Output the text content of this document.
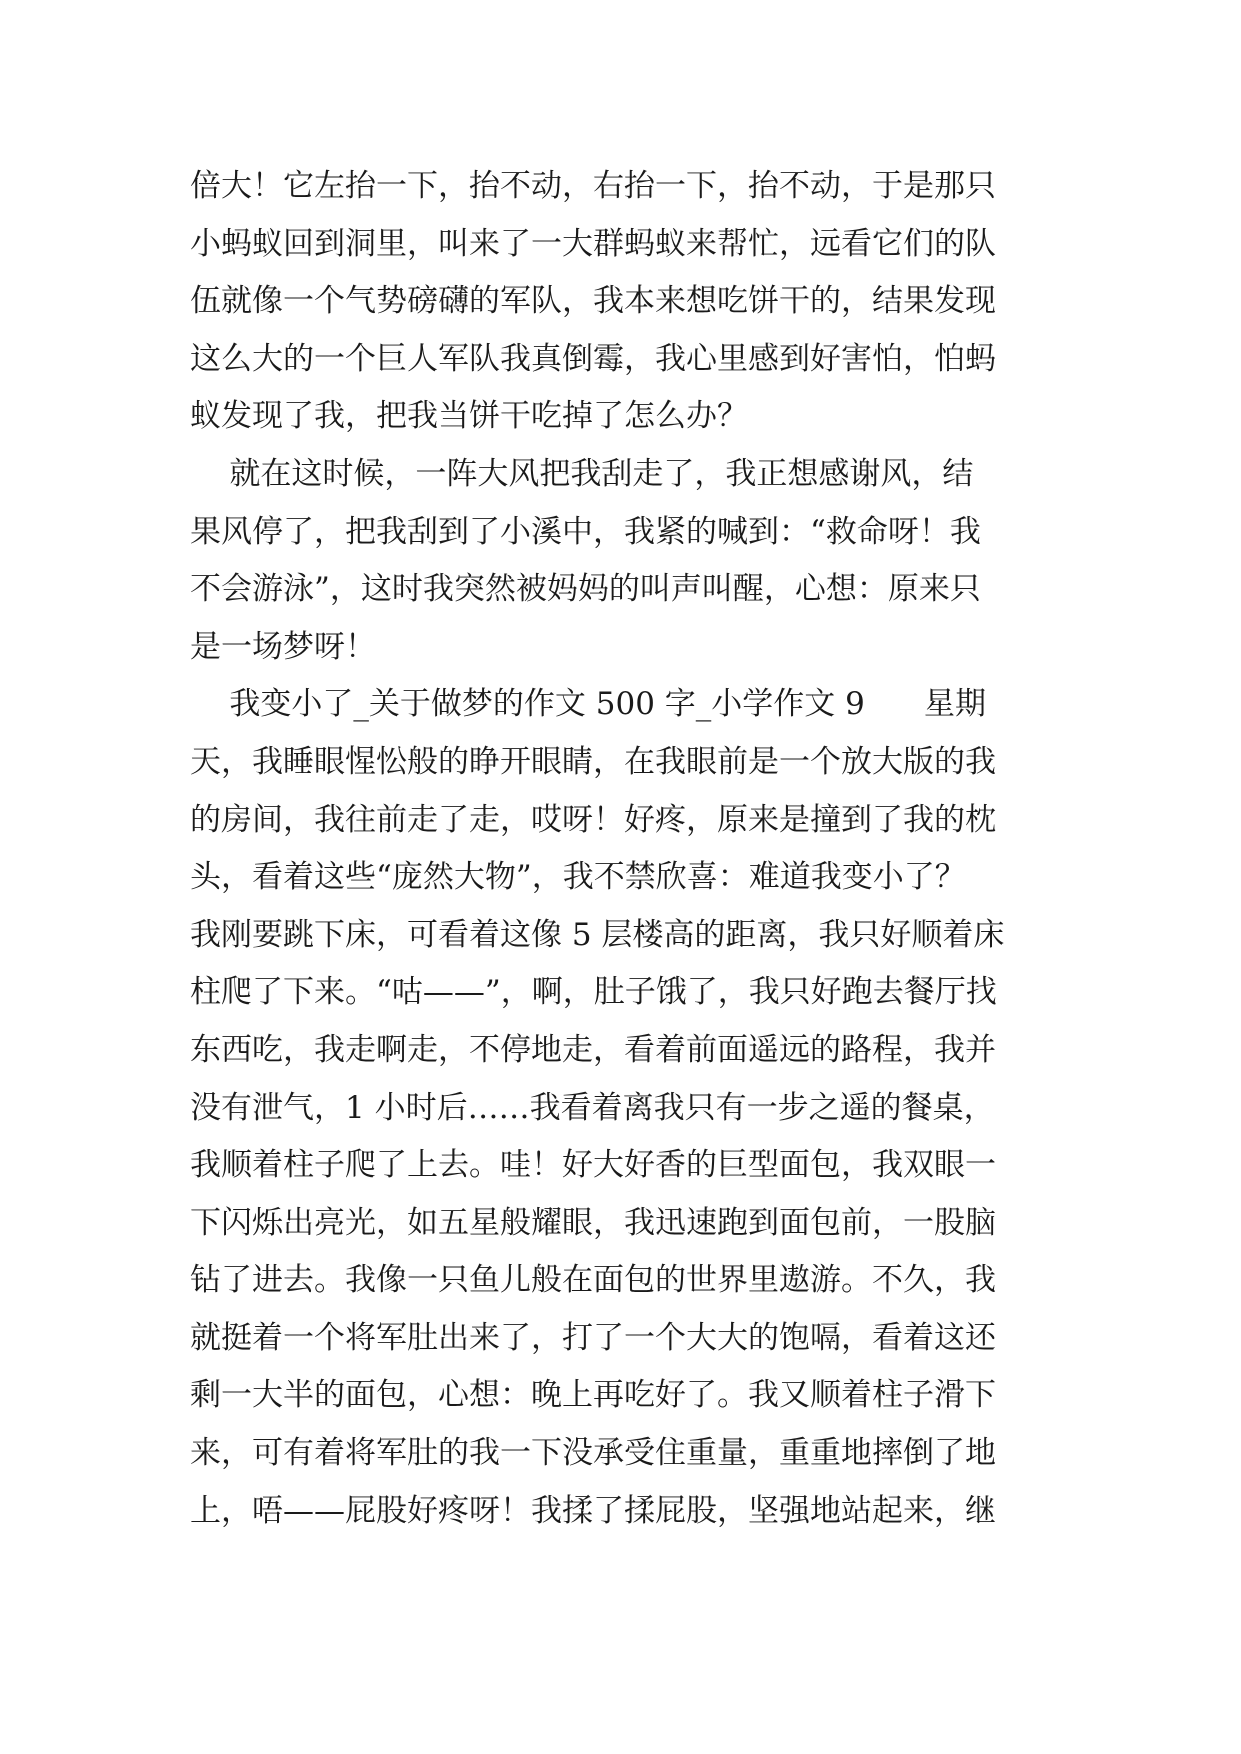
倍大！它左抬一下，抬不动，右抬一下，抬不动，于是那只
小蚂蚁回到洞里，叫来了一大群蚂蚁来帮忙，远看它们的队
伍就像一个气势磅礴的军队，我本来想吃饼干的，结果发现
这么大的一个巨人军队我真倒霉，我心里感到好害怕，怕蚂
蚁发现了我，把我当饼干吃掉了怎么办？
就在这时候，一阵大风把我刮走了，我正想感谢风，结
果风停了，把我刮到了小溪中，我紧的喊到：“救命呀！我
不会游泳”，这时我突然被妈妈的叫声叫醒，心想：原来只
是一场梦呀！
我变小了_关于做梦的作文 500 字_小学作文 9      星期
天，我睡眼惺忪般的睁开眼睛，在我眼前是一个放大版的我
的房间，我往前走了走，哎呀！好疼，原来是撞到了我的枕
头，看着这些“庞然大物”，我不禁欣喜：难道我变小了？
我刚要跳下床，可看着这像 5 层楼高的距离，我只好顺着床
柱爬了下来。“咕——”，啊，肚子饿了，我只好跑去餐厅找
东西吃，我走啊走，不停地走，看着前面遥远的路程，我并
没有泄气，1 小时后……我看着离我只有一步之遥的餐桌，
我顺着柱子爬了上去。哇！好大好香的巨型面包，我双眼一
下闪烁出亮光，如五星般耀眼，我迅速跑到面包前，一股脑
钻了进去。我像一只鱼儿般在面包的世界里遨游。不久，我
就挺着一个将军肚出来了，打了一个大大的饱嗝，看着这还
剩一大半的面包，心想：晚上再吃好了。我又顺着柱子滑下
来，可有着将军肚的我一下没承受住重量，重重地摔倒了地
上，唔——屁股好疼呀！我揉了揉屁股，坚强地站起来，继
